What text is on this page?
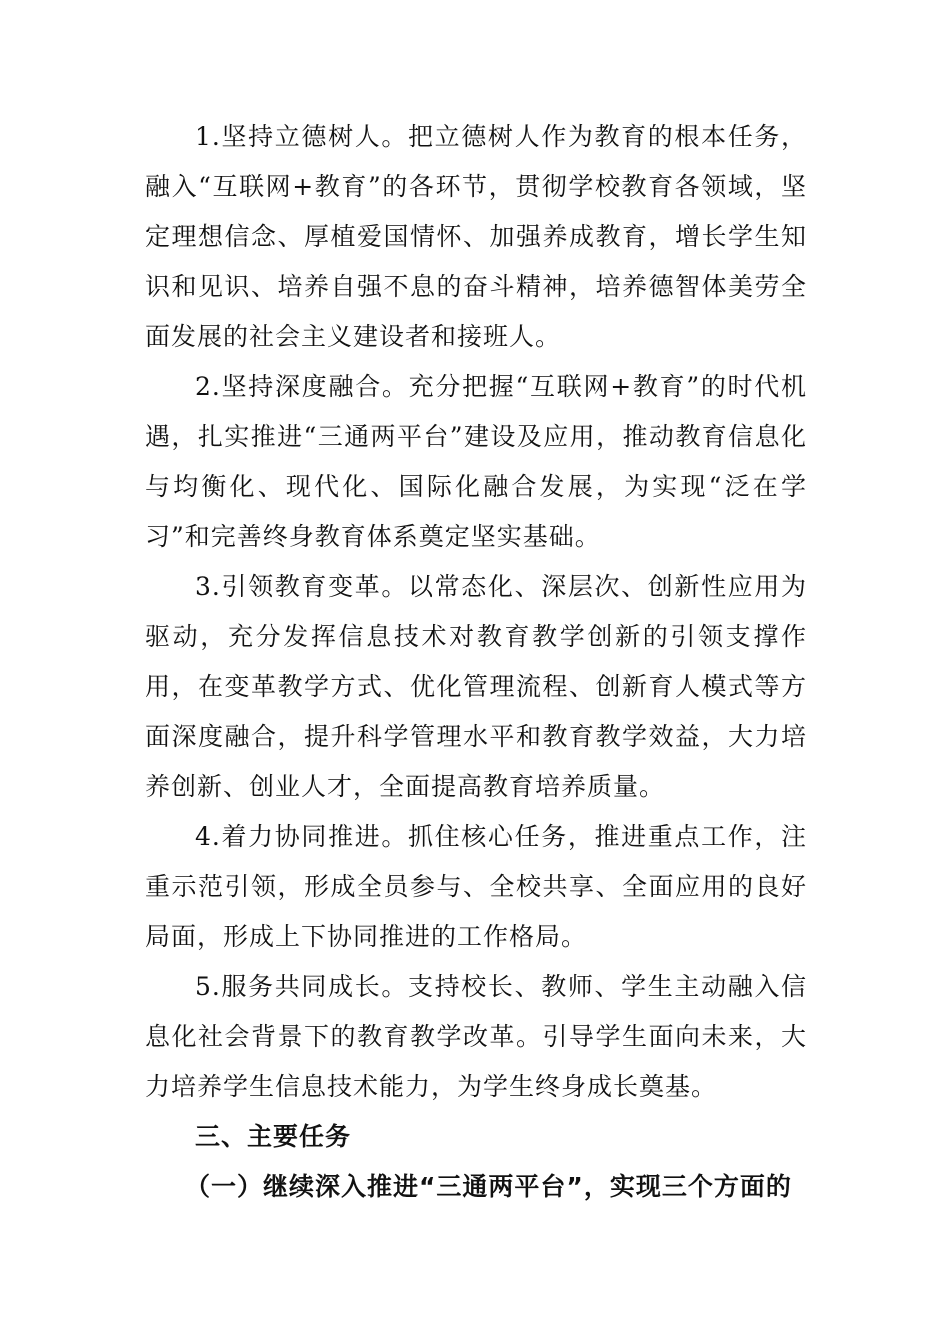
1.坚持立德树人。把立德树人作为教育的根本任务，融入“互联网+教育”的各环节，贯彻学校教育各领域，坚定理想信念、厚植爱国情怀、加强养成教育，增长学生知识和见识、培养自强不息的奋斗精神，培养德智体美劳全面发展的社会主义建设者和接班人。

2.坚持深度融合。充分把握“互联网+教育”的时代机遇，扎实推进“三通两平台”建设及应用，推动教育信息化与均衡化、现代化、国际化融合发展，为实现“泛在学习”和完善终身教育体系奠定坚实基础。

3.引领教育变革。以常态化、深层次、创新性应用为驱动，充分发挥信息技术对教育教学创新的引领支撑作用，在变革教学方式、优化管理流程、创新育人模式等方面深度融合，提升科学管理水平和教育教学效益，大力培养创新、创业人才，全面提高教育培养质量。

4.着力协同推进。抓住核心任务，推进重点工作，注重示范引领，形成全员参与、全校共享、全面应用的良好局面，形成上下协同推进的工作格局。

5.服务共同成长。支持校长、教师、学生主动融入信息化社会背景下的教育教学改革。引导学生面向未来，大力培养学生信息技术能力，为学生终身成长奠基。

三、主要任务

（一）继续深入推进“三通两平台”，实现三个方面的
